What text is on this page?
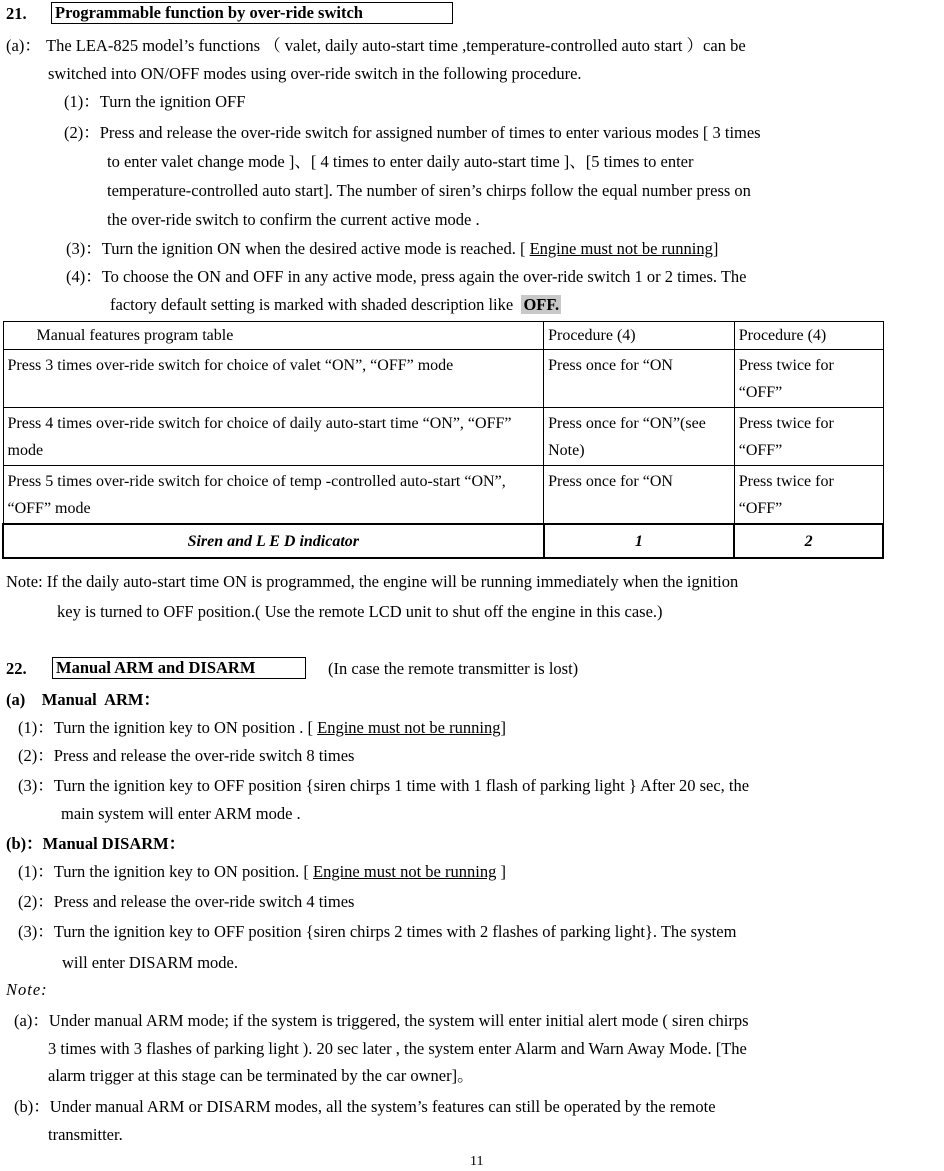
21. Programmable function by over-ride switch
(a)： The LEA-825 model’s functions （ valet, daily auto-start time ,temperature-controlled auto start ）can be
switched into ON/OFF modes using over-ride switch in the following procedure.
(1)：Turn the ignition OFF
(2)：Press and release the over-ride switch for assigned number of times to enter various modes [ 3 times
to enter valet change mode ]、[ 4 times to enter daily auto-start time ]、[5 times to enter
temperature-controlled auto start]. The number of siren’s chirps follow the equal number press on
the over-ride switch to confirm the current active mode .
(3)：Turn the ignition ON when the desired active mode is reached. [ Engine must not be running]
(4)：To choose the ON and OFF in any active mode, press again the over-ride switch 1 or 2 times. The
factory default setting is marked with shaded description like OFF.
Manual features program table	Procedure (4)	Procedure (4)
Press 3 times over-ride switch for choice of valet “ON”, “OFF” mode	Press once for “ON	Press twice for “OFF”
Press 4 times over-ride switch for choice of daily auto-start time “ON”, “OFF” mode	Press once for “ON”(see Note)	Press twice for “OFF”
Press 5 times over-ride switch for choice of temp -controlled auto-start “ON”, “OFF” mode	Press once for “ON	Press twice for “OFF”
Siren and L E D indicator	1	2
Note: If the daily auto-start time ON is programmed, the engine will be running immediately when the ignition
key is turned to OFF position.( Use the remote LCD unit to shut off the engine in this case.)
22. Manual ARM and DISARM	(In case the remote transmitter is lost)
(a)    Manual  ARM：
(1)：Turn the ignition key to ON position . [ Engine must not be running]
(2)：Press and release the over-ride switch 8 times
(3)：Turn the ignition key to OFF position {siren chirps 1 time with 1 flash of parking light } After 20 sec, the
main system will enter ARM mode .
(b)：Manual DISARM：
(1)：Turn the ignition key to ON position. [ Engine must not be running ]
(2)：Press and release the over-ride switch 4 times
(3)：Turn the ignition key to OFF position {siren chirps 2 times with 2 flashes of parking light}. The system
will enter DISARM mode.
Note:
(a)：Under manual ARM mode; if the system is triggered, the system will enter initial alert mode ( siren chirps
3 times with 3 flashes of parking light ). 20 sec later , the system enter Alarm and Warn Away Mode. [The
alarm trigger at this stage can be terminated by the car owner]。
(b)：Under manual ARM or DISARM modes, all the system’s features can still be operated by the remote
transmitter.
11
